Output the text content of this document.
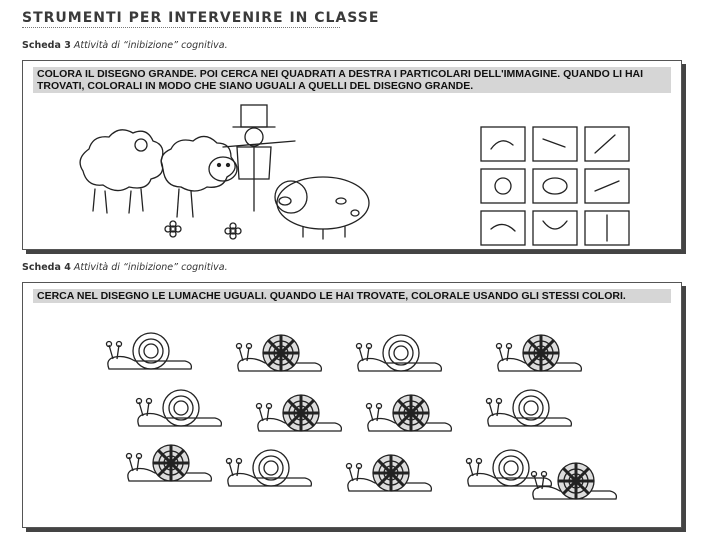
STRUMENTI PER INTERVENIRE IN CLASSE
Scheda 3 Attività di “inibizione” cognitiva.
COLORA IL DISEGNO GRANDE. POI CERCA NEI QUADRATI A DESTRA I PARTICOLARI DELL'IMMAGINE. QUANDO LI HAI TROVATI, COLORALI IN MODO CHE SIANO UGUALI A QUELLI DEL DISEGNO GRANDE.
Scheda 4 Attività di “inibizione” cognitiva.
CERCA NEL DISEGNO LE LUMACHE UGUALI. QUANDO LE HAI TROVATE, COLORALE USANDO GLI STESSI COLORI.
